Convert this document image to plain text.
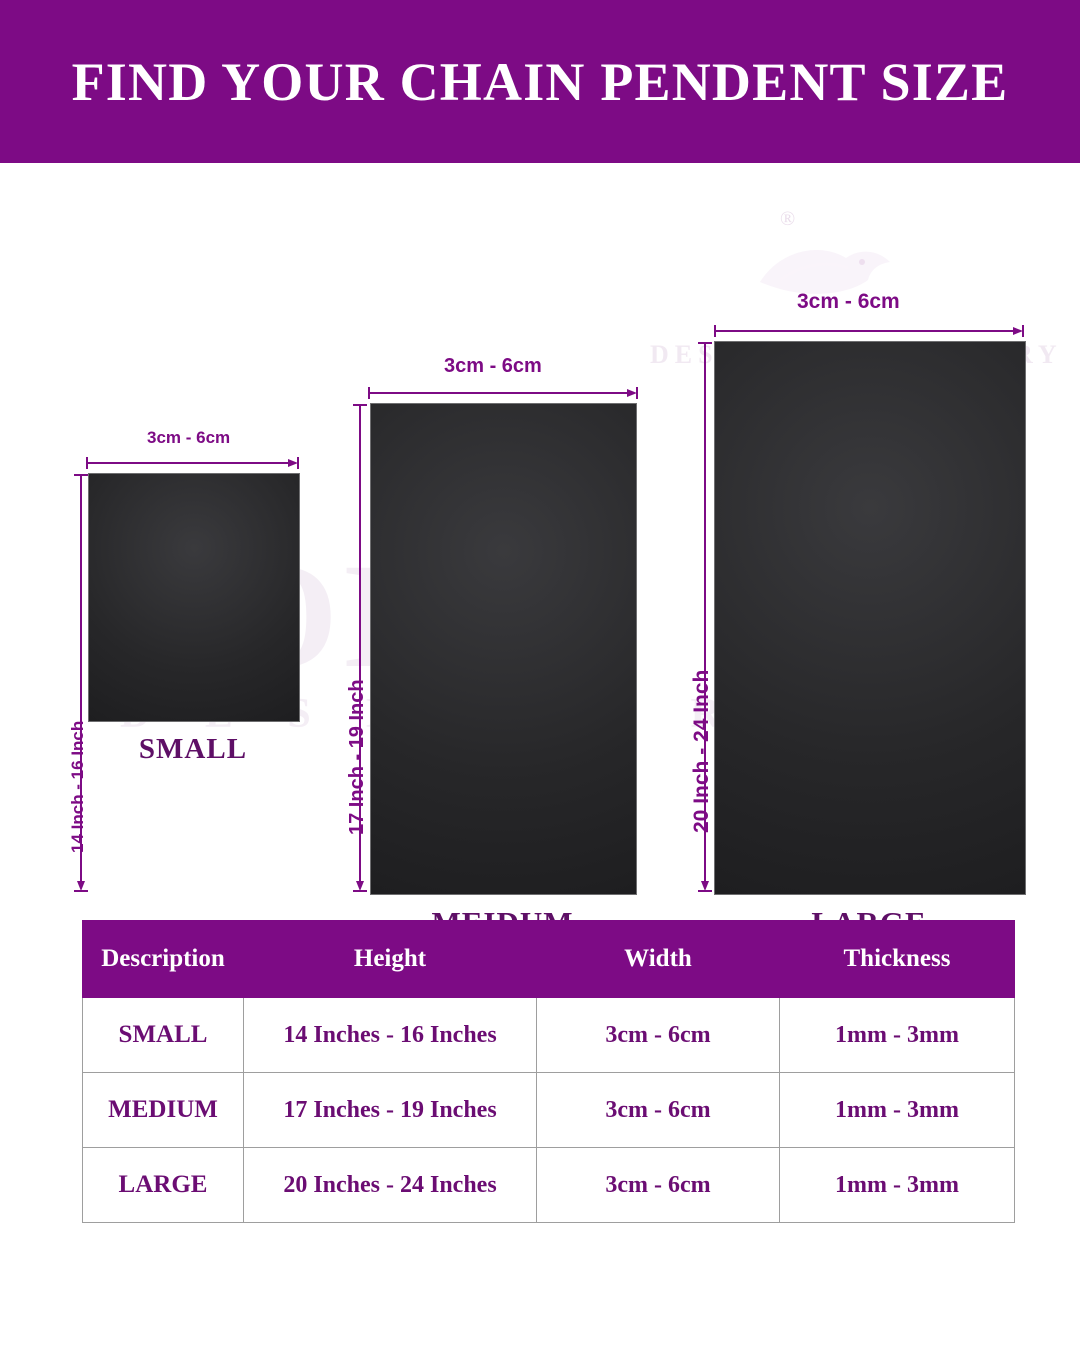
FIND YOUR CHAIN PENDENT SIZE
S
®
3cm - 6cm
14 Inch - 16 Inch	SMALL
3cm - 6cm
17 Inch - 19 Inch
3cm - 6cm
20 Inch - 24 Inch
Description	Height	Width	Thickness
SMALL	14 Inches - 16 Inches	3cm - 6cm	1mm - 3mm
MEDIUM	17 Inches - 19 Inches	3cm - 6cm	1mm - 3mm
LARGE	20 Inches - 24 Inches	3cm - 6cm	1mm - 3mm
